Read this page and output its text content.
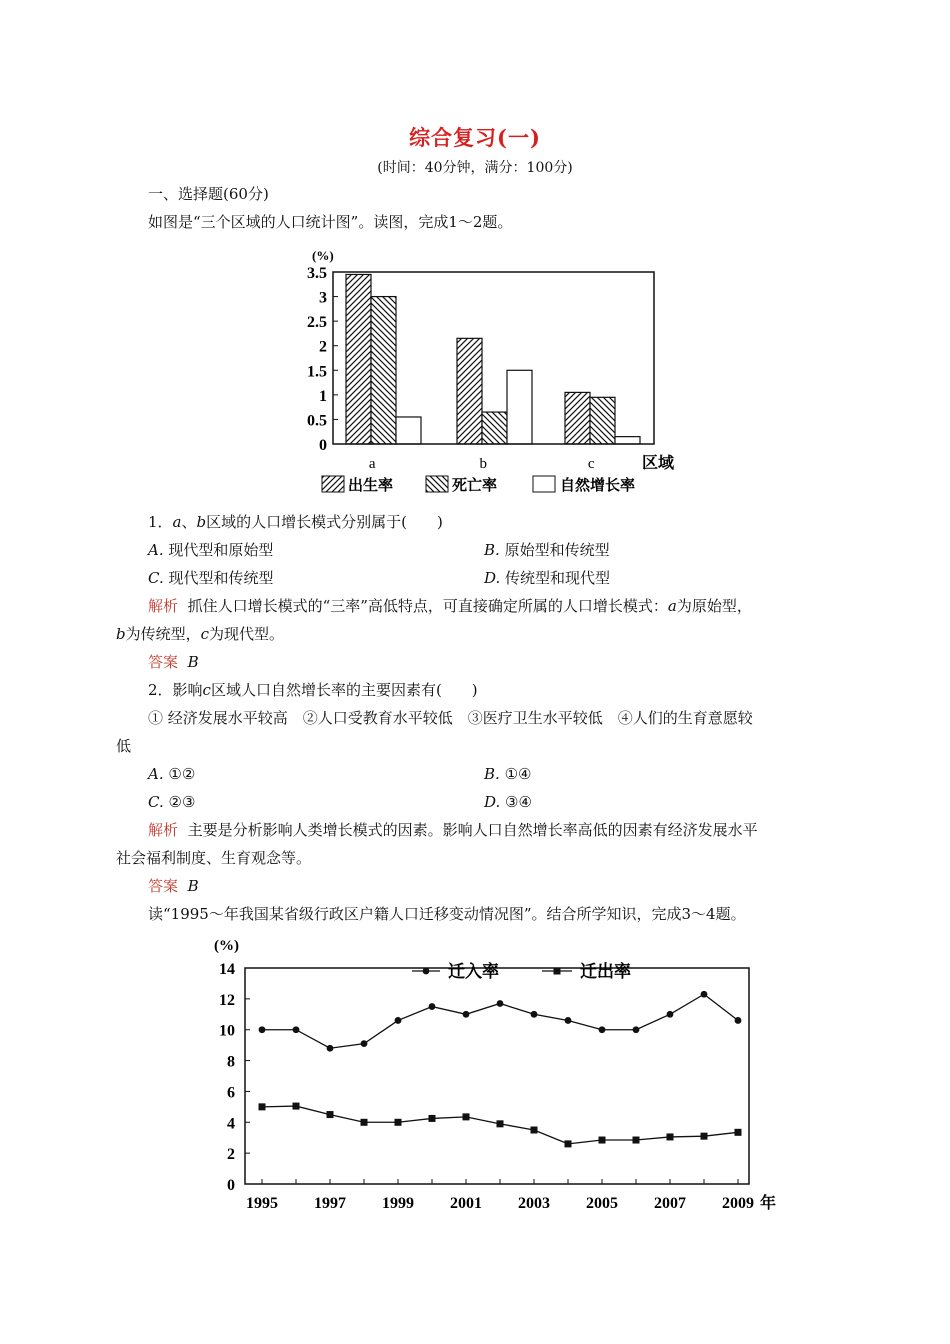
综合复习(一)
(时间：40分钟，满分：100分)
一、选择题(60分)
如图是“三个区域的人口统计图”。读图，完成1～2题。
(%)
3.5
3
2.5
2
1.5
1
0.5
0
a	b	c	区域
出生率	死亡率	自然增长率
1．a、b区域的人口增长模式分别属于(　　)
A. 现代型和原始型	B. 原始型和传统型
C. 现代型和传统型	D. 传统型和现代型
解析 抓住人口增长模式的“三率”高低特点，可直接确定所属的人口增长模式：a为原始型，
b为传统型，c为现代型。
答案 B
2．影响c区域人口自然增长率的主要因素有(　　)
① 经济发展水平较高　②人口受教育水平较低　③医疗卫生水平较低　④人们的生育意愿较
低
A. ①②	B. ①④
C. ②③	D. ③④
解析 主要是分析影响人类增长模式的因素。影响人口自然增长率高低的因素有经济发展水平
社会福利制度、生育观念等。
答案 B
读“1995～年我国某省级行政区户籍人口迁移变动情况图”。结合所学知识，完成3～4题。
(%)
14
12
10
8
6
4
2
0
1995 1997 1999 2001 2003 2005 2007 2009
迁入率	迁出率
年
